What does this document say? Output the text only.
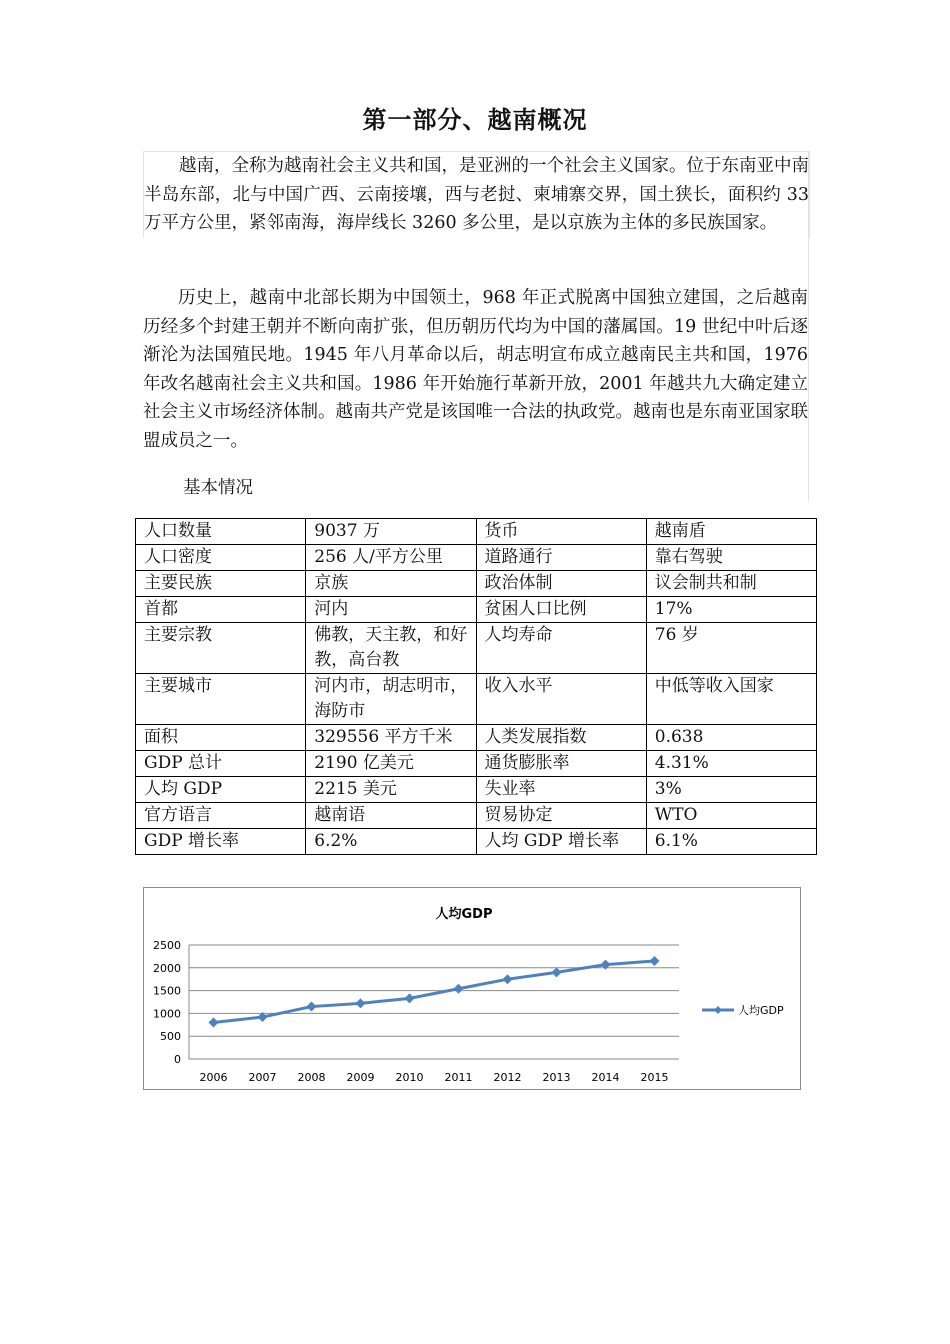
第一部分、越南概况

越南，全称为越南社会主义共和国，是亚洲的一个社会主义国家。位于东南亚中南半岛东部，北与中国广西、云南接壤，西与老挝、柬埔寨交界，国土狭长，面积约 33 万平方公里，紧邻南海，海岸线长 3260 多公里，是以京族为主体的多民族国家。

历史上，越南中北部长期为中国领土，968 年正式脱离中国独立建国，之后越南历经多个封建王朝并不断向南扩张，但历朝历代均为中国的藩属国。19 世纪中叶后逐渐沦为法国殖民地。1945 年八月革命以后，胡志明宣布成立越南民主共和国，1976 年改名越南社会主义共和国。1986 年开始施行革新开放，2001 年越共九大确定建立社会主义市场经济体制。越南共产党是该国唯一合法的执政党。越南也是东南亚国家联盟成员之一。

基本情况
人口数量	9037 万	货币	越南盾
人口密度	256 人/平方公里	道路通行	靠右驾驶
主要民族	京族	政治体制	议会制共和制
首都	河内	贫困人口比例	17%
主要宗教	佛教，天主教，和好教，高台教	人均寿命	76 岁
主要城市	河内市，胡志明市，海防市	收入水平	中低等收入国家
面积	329556 平方千米	人类发展指数	0.638
GDP 总计	2190 亿美元	通货膨胀率	4.31%
人均 GDP	2215 美元	失业率	3%
官方语言	越南语	贸易协定	WTO
GDP 增长率	6.2%	人均 GDP 增长率	6.1%
人均GDP
0
500
1000
1500
2000
2500
2006 2007 2008 2009 2010 2011 2012 2013 2014 2015
人均GDP
